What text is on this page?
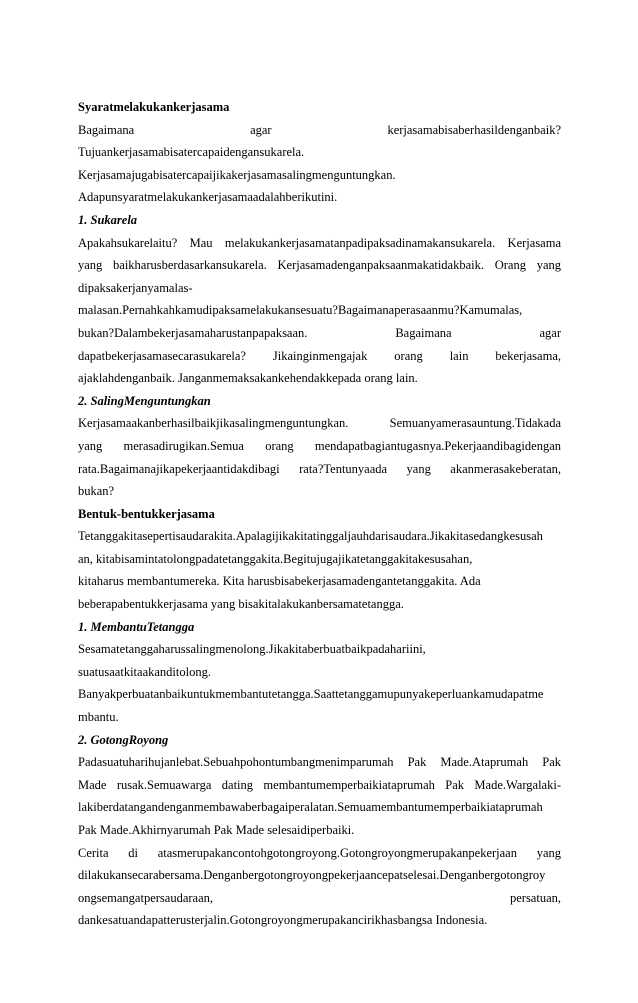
Syaratmelakukankerjasama
Bagaimana agar kerjasamabisaberhasildenganbaik?
Tujuankerjasamabisatercapaidengansukarela.
Kerjasamajugabisatercapaijikakerjasamasalingmenguntungkan.
Adapunsyaratmelakukankerjasamaadalahberikutini.
1. Sukarela
Apakahsukarelaitu? Mau melakukankerjasamatanpadipaksadinamakansukarela. Kerjasama
yang baikharusberdasarkansukarela. Kerjasamadenganpaksaanmakatidakbaik. Orang yang
dipaksakerjanyamalas-
malasan.Pernahkahkamudipaksamelakukansesuatu?Bagaimanaperasaanmu?Kamumalas,
bukan?Dalambekerjasamaharustanpapaksaan. Bagaimana agar
dapatbekerjasamasecarasukarela? Jikainginmengajak orang lain bekerjasama,
ajaklahdenganbaik. Janganmemaksakankehendakkepada orang lain.
2. SalingMenguntungkan
Kerjasamaakanberhasilbaikjikasalingmenguntungkan. Semuanyamerasauntung.Tidakada
yang merasadirugikan.Semua orang mendapatbagiantugasnya.Pekerjaandibagidengan
rata.Bagaimanajikapekerjaantidakdibagi rata?Tentunyaada yang akanmerasakeberatan,
bukan?
Bentuk-bentukkerjasama
Tetanggakitasepertisaudarakita.Apalagijikakitatinggaljauhdarisaudara.Jikakitasedangkesusah
an, kitabisamintatolongpadatetanggakita.Begitujugajikatetanggakitakesusahan,
kitaharus membantumereka. Kita harusbisabekerjasamadengantetanggakita. Ada
beberapabentukkerjasama yang bisakitalakukanbersamatetangga.
1. MembantuTetangga
Sesamatetanggaharussalingmenolong.Jikakitaberbuatbaikpadahariini,
suatusaatkitaakanditolong.
Banyakperbuatanbaikuntukmembantutetangga.Saattetanggamupunyakeperluankamudapatme
mbantu.
2. GotongRoyong
Padasuatuharihujanlebat.Sebuahpohontumbangmenimparumah Pak Made.Ataprumah Pak
Made rusak.Semuawarga dating membantumemperbaikiataprumah Pak Made.Wargalaki-
lakiberdatangandenganmembawaberbagaiperalatan.Semuamembantumemperbaikiataprumah
Pak Made.Akhirnyarumah Pak Made selesaidiperbaiki.
Cerita di atasmerupakancontohgotongroyong.Gotongroyongmerupakanpekerjaan yang
dilakukansecarabersama.Denganbergotongroyongpekerjaancepatselesai.Denganbergotongroy
ongsemangatpersaudaraan, persatuan,
dankesatuandapatterusterjalin.Gotongroyongmerupakancirikhasbangsa Indonesia.
